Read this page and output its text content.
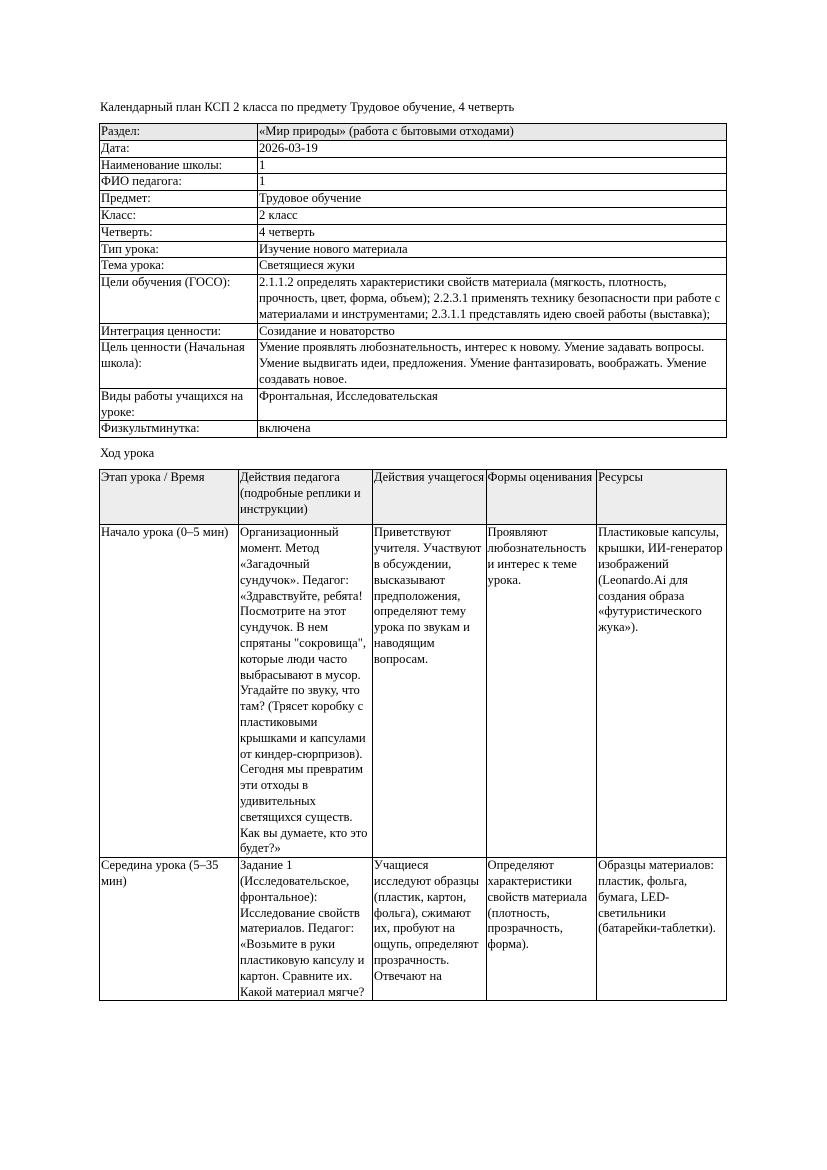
Календарный план КСП 2 класса по предмету Трудовое обучение, 4 четверть
Раздел:	«Мир природы» (работа с бытовыми отходами)
Дата:	2026-03-19
Наименование школы:	1
ФИО педагога:	1
Предмет:	Трудовое обучение
Класс:	2 класс
Четверть:	4 четверть
Тип урока:	Изучение нового материала
Тема урока:	Светящиеся жуки
Цели обучения (ГОСО):	2.1.1.2 определять характеристики свойств материала (мягкость, плотность, прочность, цвет, форма, объем); 2.2.3.1 применять технику безопасности при работе с материалами и инструментами; 2.3.1.1 представлять идею своей работы (выставка);
Интеграция ценности:	Созидание и новаторство
Цель ценности (Начальная школа):	Умение проявлять любознательность, интерес к новому. Умение задавать вопросы. Умение выдвигать идеи, предложения. Умение фантазировать, воображать. Умение создавать новое.
Виды работы учащихся на уроке:	Фронтальная, Исследовательская
Физкультминутка:	включена
Ход урока
Этап урока / Время	Действия педагога (подробные реплики и инструкции)	Действия учащегося	Формы оценивания	Ресурсы
Начало урока (0–5 мин)	Организационный момент. Метод «Загадочный сундучок». Педагог: «Здравствуйте, ребята! Посмотрите на этот сундучок. В нем спрятаны "сокровища", которые люди часто выбрасывают в мусор. Угадайте по звуку, что там? (Трясет коробку с пластиковыми крышками и капсулами от киндер-сюрпризов). Сегодня мы превратим эти отходы в удивительных светящихся существ. Как вы думаете, кто это будет?»	Приветствуют учителя. Участвуют в обсуждении, высказывают предположения, определяют тему урока по звукам и наводящим вопросам.	Проявляют любознательность и интерес к теме урока.	Пластиковые капсулы, крышки, ИИ-генератор изображений (Leonardo.Ai для создания образа «футуристического жука»).
Середина урока (5–35 мин)	Задание 1 (Исследовательское, фронтальное): Исследование свойств материалов. Педагог: «Возьмите в руки пластиковую капсулу и картон. Сравните их. Какой материал мягче?	Учащиеся исследуют образцы (пластик, картон, фольга), сжимают их, пробуют на ощупь, определяют прозрачность. Отвечают на	Определяют характеристики свойств материала (плотность, прозрачность, форма).	Образцы материалов: пластик, фольга, бумага, LED-светильники (батарейки-таблетки).
